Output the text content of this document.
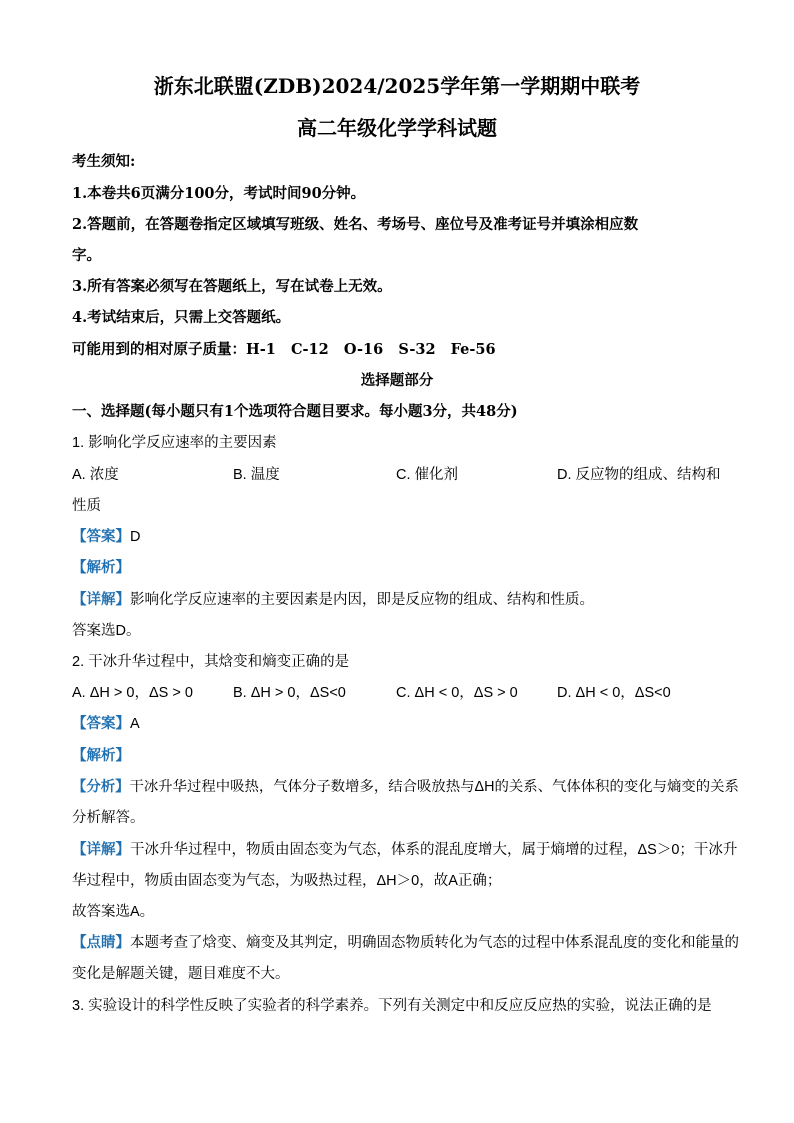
浙东北联盟(ZDB)2024/2025学年第一学期期中联考
高二年级化学学科试题
考生须知:
1.本卷共6页满分100分，考试时间90分钟。
2.答题前，在答题卷指定区域填写班级、姓名、考场号、座位号及准考证号并填涂相应数
字。
3.所有答案必须写在答题纸上，写在试卷上无效。
4.考试结束后，只需上交答题纸。
可能用到的相对原子质量：H-1   C-12   O-16   S-32   Fe-56
选择题部分
一、选择题(每小题只有1个选项符合题目要求。每小题3分，共48分)
1. 影响化学反应速率的主要因素
A. 浓度	B. 温度	C. 催化剂	D. 反应物的组成、结构和
性质
【 答案 】 D
【 解析 】
【 详解 】 影响化学反应速率的主要因素是内因，即是反应物的组成、结构和性质。
答案选D。
2. 干冰升华过程中，其焓变和熵变正确的是
A. ΔH > 0，ΔS > 0	B. ΔH > 0，ΔS<0	C. ΔH < 0，ΔS > 0	D. ΔH < 0，ΔS<0
【 答案 】 A
【 解析 】
【 分析 】 干冰升华过程中吸热，气体分子数增多，结合吸放热与ΔH的关系、气体体积的变化与熵变的关系
分析解答。
【 详解 】 干冰升华过程中，物质由固态变为气态，体系的混乱度增大，属于熵增的过程，ΔS＞0；干冰升
华过程中，物质由固态变为气态，为吸热过程，ΔH＞0，故A正确；
故答案选A。
【 点睛 】 本题考查了焓变、熵变及其判定，明确固态物质转化为气态的过程中体系混乱度的变化和能量的
变化是解题关键，题目难度不大。
3. 实验设计的科学性反映了实验者的科学素养。下列有关测定中和反应反应热的实验，说法正确的是
